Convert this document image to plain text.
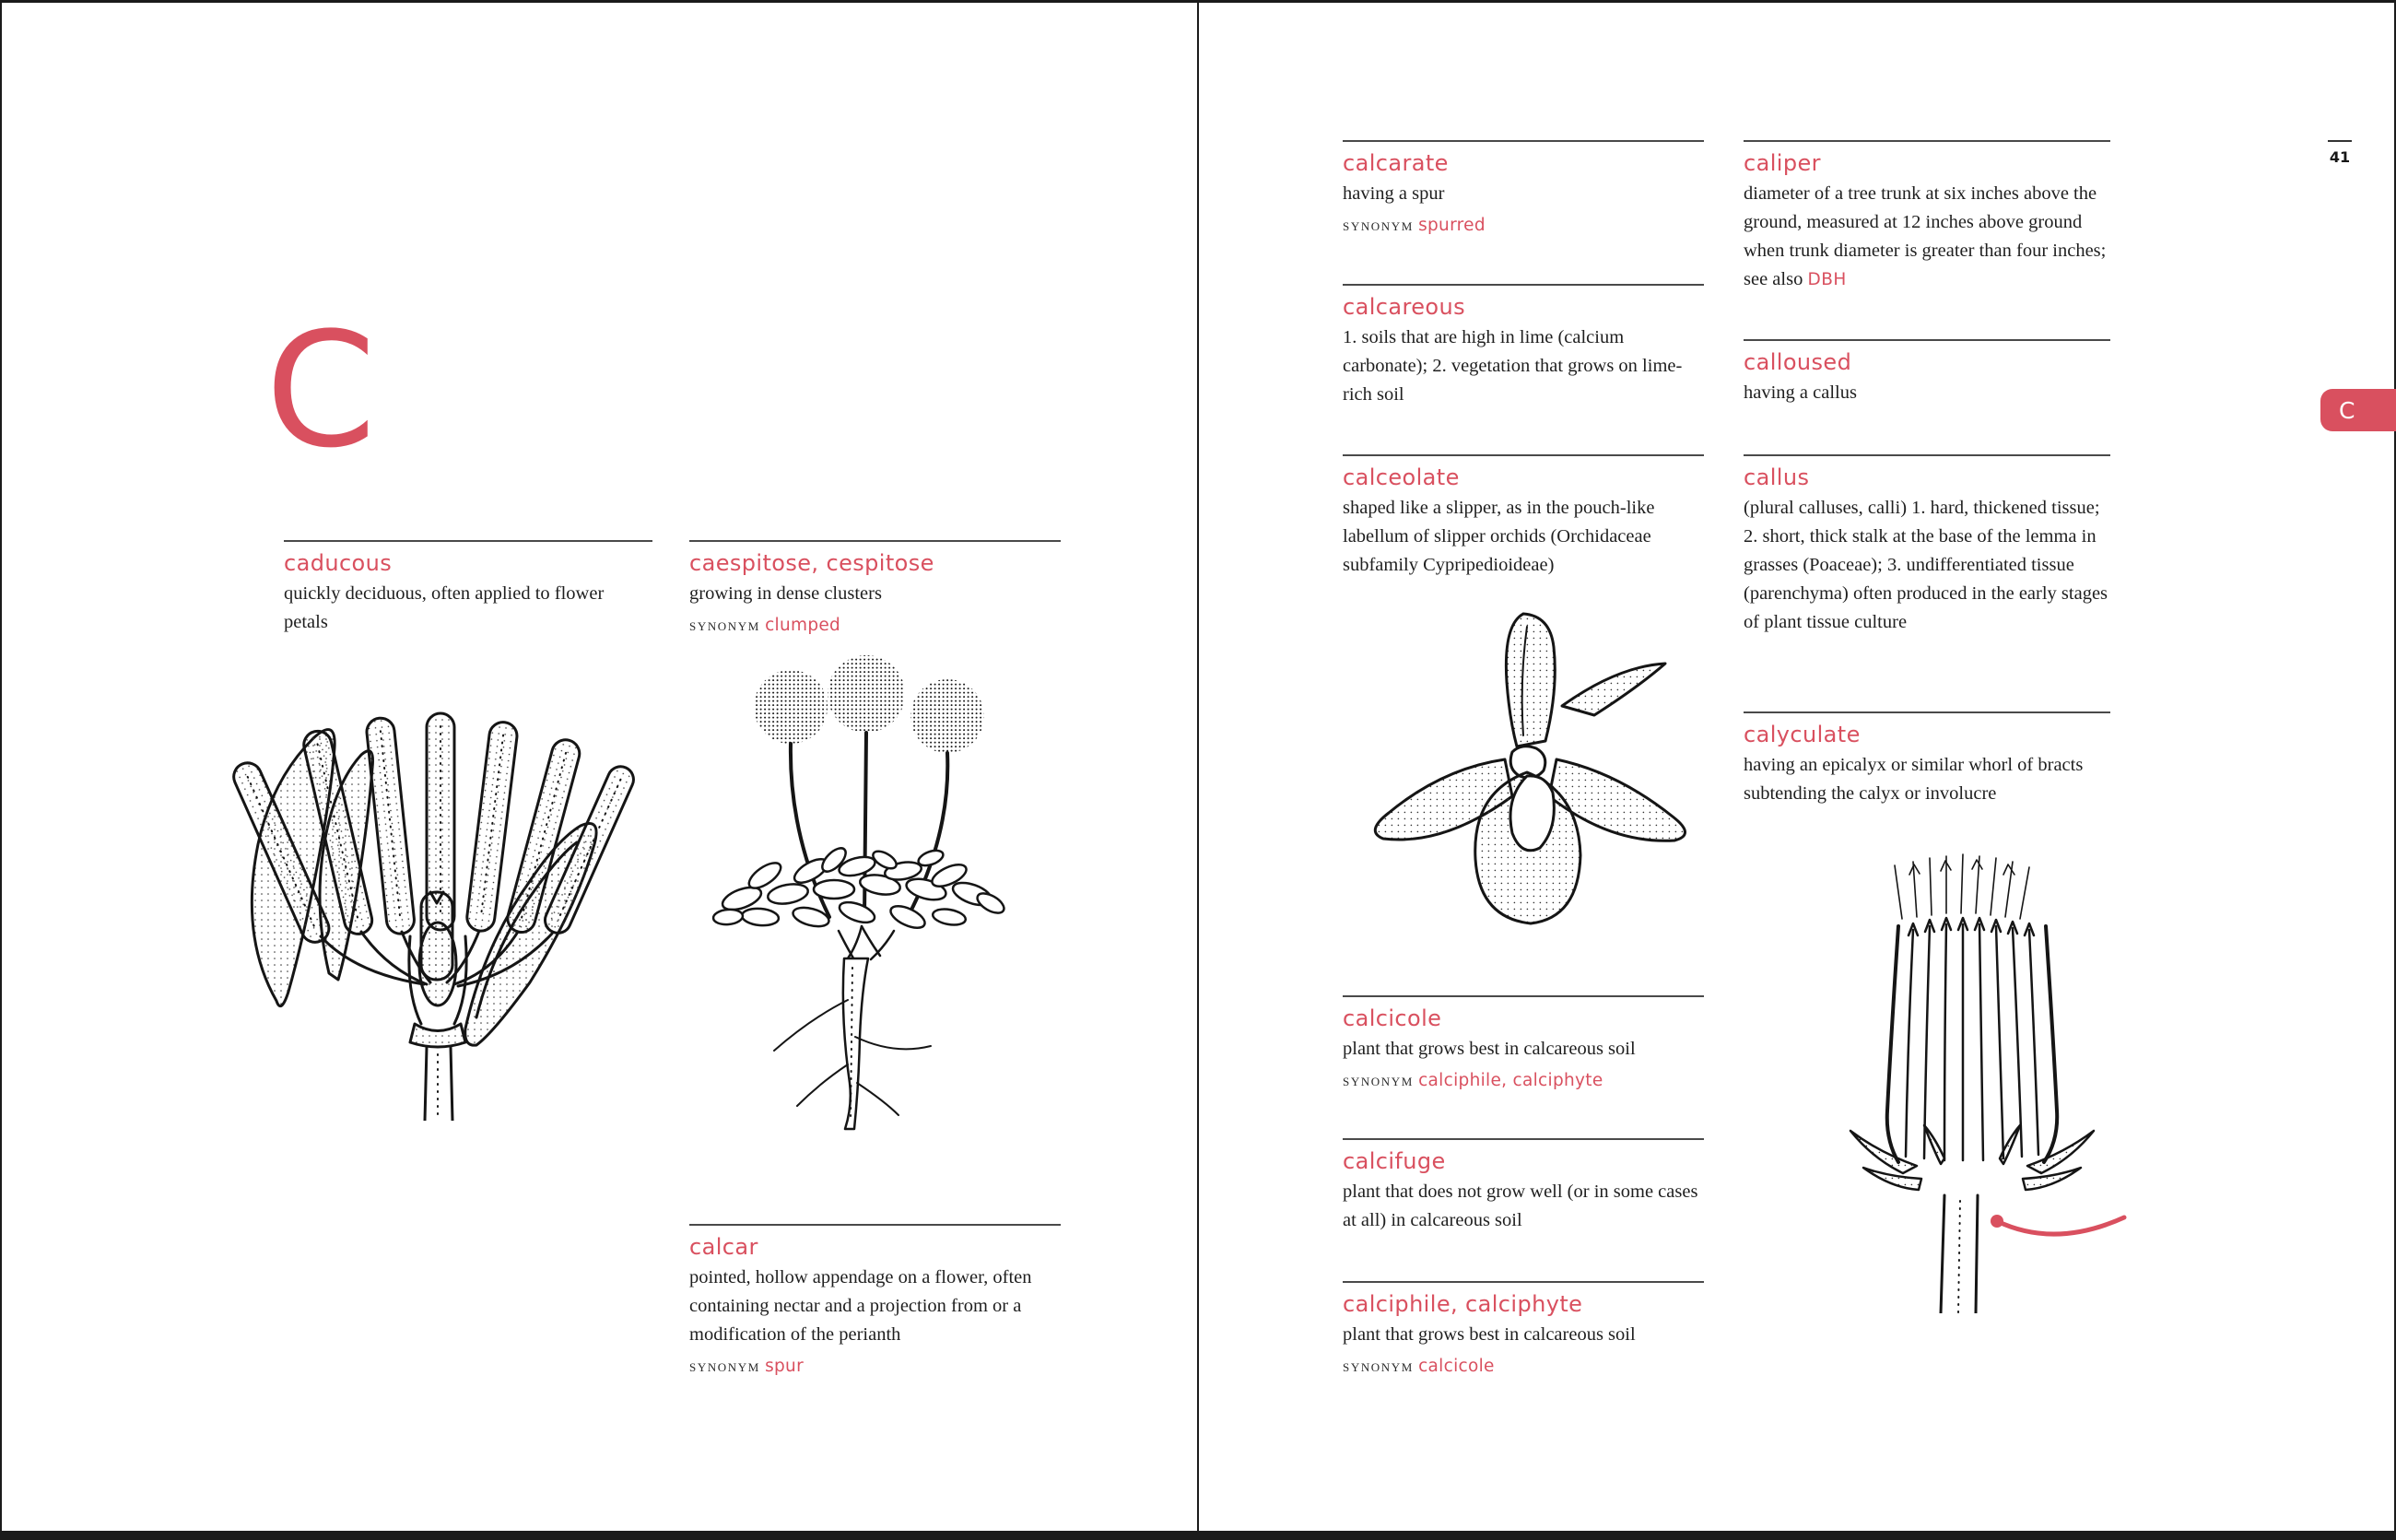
C
caducous

quickly deciduous, often applied to flower petals

caespitose, cespitose

growing in dense clusters

synonym clumped

calcar

pointed, hollow appendage on a flower, often containing nectar and a projection from or a modification of the perianth

synonym spur

calcarate

having a spur

synonym spurred

calcareous

1. soils that are high in lime (calcium carbonate); 2. vegetation that grows on lime-rich soil

calceolate

shaped like a slipper, as in the pouch-like labellum of slipper orchids (Orchidaceae subfamily Cypripedioideae)

calcicole

plant that grows best in calcareous soil

synonym calciphile, calciphyte

calcifuge

plant that does not grow well (or in some cases at all) in calcareous soil

calciphile, calciphyte

plant that grows best in calcareous soil

synonym calcicole

caliper

diameter of a tree trunk at six inches above the ground, measured at 12 inches above ground when trunk diameter is greater than four inches; see also DBH

calloused

having a callus

callus

(plural calluses, calli) 1. hard, thickened tissue; 2. short, thick stalk at the base of the lemma in grasses (Poaceae); 3. undifferentiated tissue (parenchyma) often produced in the early stages of plant tissue culture

calyculate

having an epicalyx or similar whorl of bracts subtending the calyx or involucre

41
C
